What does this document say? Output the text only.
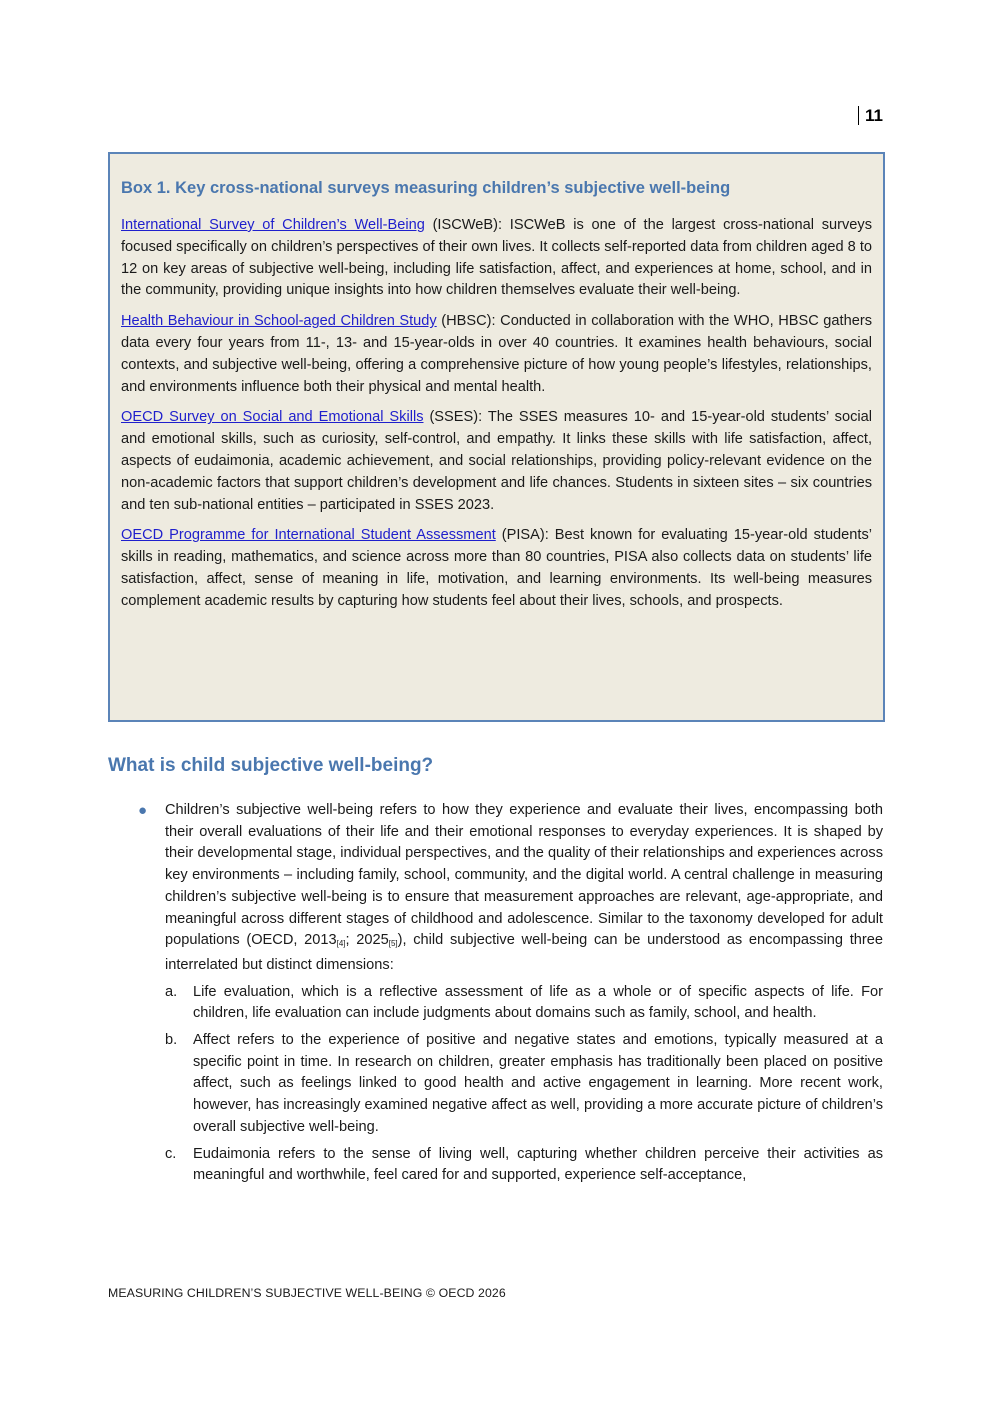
11
Box 1. Key cross-national surveys measuring children’s subjective well-being

International Survey of Children’s Well-Being (ISCWeB): ISCWeB is one of the largest cross-national surveys focused specifically on children’s perspectives of their own lives. It collects self-reported data from children aged 8 to 12 on key areas of subjective well-being, including life satisfaction, affect, and experiences at home, school, and in the community, providing unique insights into how children themselves evaluate their well-being.

Health Behaviour in School-aged Children Study (HBSC): Conducted in collaboration with the WHO, HBSC gathers data every four years from 11-, 13- and 15-year-olds in over 40 countries. It examines health behaviours, social contexts, and subjective well-being, offering a comprehensive picture of how young people’s lifestyles, relationships, and environments influence both their physical and mental health.

OECD Survey on Social and Emotional Skills (SSES): The SSES measures 10- and 15-year-old students’ social and emotional skills, such as curiosity, self-control, and empathy. It links these skills with life satisfaction, affect, aspects of eudaimonia, academic achievement, and social relationships, providing policy-relevant evidence on the non-academic factors that support children’s development and life chances. Students in sixteen sites – six countries and ten sub-national entities – participated in SSES 2023.

OECD Programme for International Student Assessment (PISA): Best known for evaluating 15-year-old students’ skills in reading, mathematics, and science across more than 80 countries, PISA also collects data on students’ life satisfaction, affect, sense of meaning in life, motivation, and learning environments. Its well-being measures complement academic results by capturing how students feel about their lives, schools, and prospects.

What is child subjective well-being?
● Children’s subjective well-being refers to how they experience and evaluate their lives, encompassing both their overall evaluations of their life and their emotional responses to everyday experiences. It is shaped by their developmental stage, individual perspectives, and the quality of their relationships and experiences across key environments – including family, school, community, and the digital world. A central challenge in measuring children’s subjective well-being is to ensure that measurement approaches are relevant, age-appropriate, and meaningful across different stages of childhood and adolescence. Similar to the taxonomy developed for adult populations (OECD, $2013_{[4]}$; $2025_{[5]}$), child subjective well-being can be understood as encompassing three interrelated but distinct dimensions:

a. Life evaluation, which is a reflective assessment of life as a whole or of specific aspects of life. For children, life evaluation can include judgments about domains such as family, school, and health.
b. Affect refers to the experience of positive and negative states and emotions, typically measured at a specific point in time. In research on children, greater emphasis has traditionally been placed on positive affect, such as feelings linked to good health and active engagement in learning. More recent work, however, has increasingly examined negative affect as well, providing a more accurate picture of children’s overall subjective well-being.
c. Eudaimonia refers to the sense of living well, capturing whether children perceive their activities as meaningful and worthwhile, feel cared for and supported, experience self-acceptance,
MEASURING CHILDREN’S SUBJECTIVE WELL-BEING © OECD 2026
